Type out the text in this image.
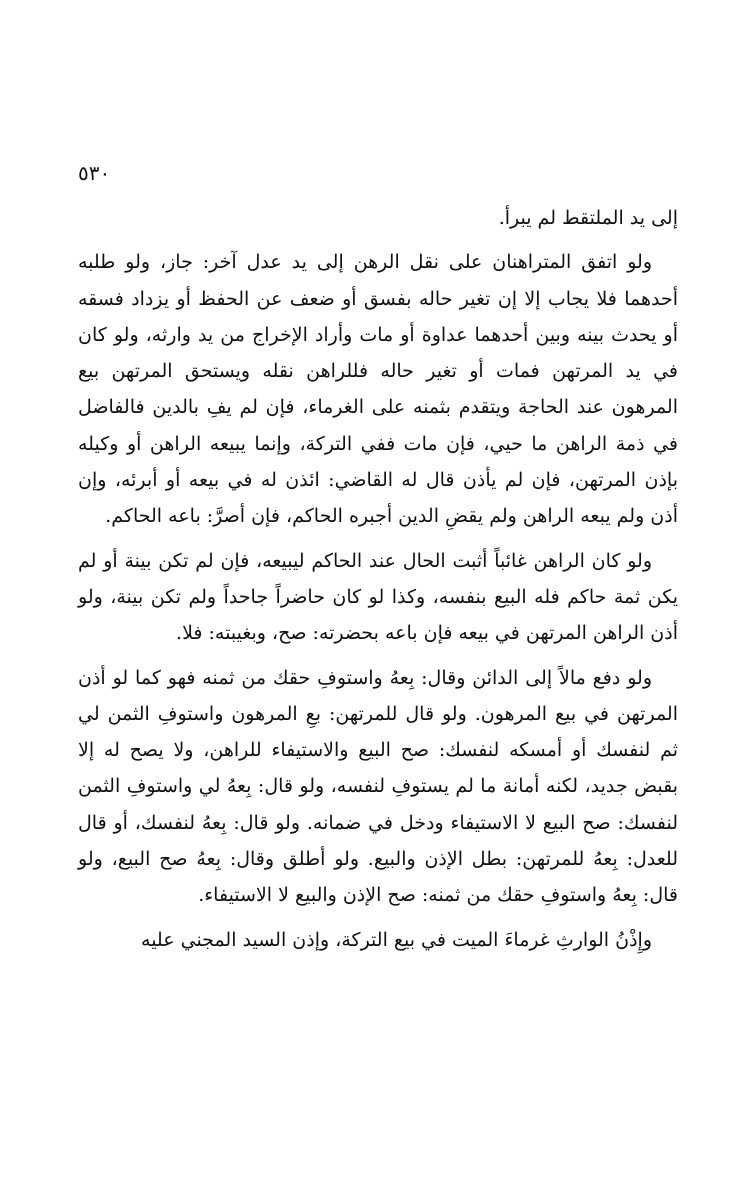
٥٣٠

إلى يد الملتقط لم يبرأ.

ولو اتفق المتراهنان على نقل الرهن إلى يد عدل آخر: جاز، ولو طلبه أحدهما فلا يجاب إلا إن تغير حاله بفسق أو ضعف عن الحفظ أو يزداد فسقه أو يحدث بينه وبين أحدهما عداوة أو مات وأراد الإخراج من يد وارثه، ولو كان في يد المرتهن فمات أو تغير حاله فللراهن نقله ويستحق المرتهن بيع المرهون عند الحاجة ويتقدم بثمنه على الغرماء، فإن لم يفِ بالدين فالفاضل في ذمة الراهن ما حيي، فإن مات ففي التركة، وإنما يبيعه الراهن أو وكيله بإذن المرتهن، فإن لم يأذن قال له القاضي: ائذن له في بيعه أو أبرئه، وإن أذن ولم يبعه الراهن ولم يقضِ الدين أجبره الحاكم، فإن أصرَّ: باعه الحاكم.

ولو كان الراهن غائباً أثبت الحال عند الحاكم ليبيعه، فإن لم تكن بينة أو لم يكن ثمة حاكم فله البيع بنفسه، وكذا لو كان حاضراً جاحداً ولم تكن بينة، ولو أذن الراهن المرتهن في بيعه فإن باعه بحضرته: صح، وبغيبته: فلا.

ولو دفع مالاً إلى الدائن وقال: بِعهُ واستوفِ حقك من ثمنه فهو كما لو أذن المرتهن في بيع المرهون. ولو قال للمرتهن: بعِ المرهون واستوفِ الثمن لي ثم لنفسك أو أمسكه لنفسك: صح البيع والاستيفاء للراهن، ولا يصح له إلا بقبض جديد، لكنه أمانة ما لم يستوفِ لنفسه، ولو قال: بِعهُ لي واستوفِ الثمن لنفسك: صح البيع لا الاستيفاء ودخل في ضمانه. ولو قال: بِعهُ لنفسك، أو قال للعدل: بِعهُ للمرتهن: بطل الإذن والبيع. ولو أطلق وقال: بِعهُ صح البيع، ولو قال: بِعهُ واستوفِ حقك من ثمنه: صح الإذن والبيع لا الاستيفاء.

وإِذْنُ الوارثِ غرماءَ الميت في بيع التركة، وإذن السيد المجني عليه
